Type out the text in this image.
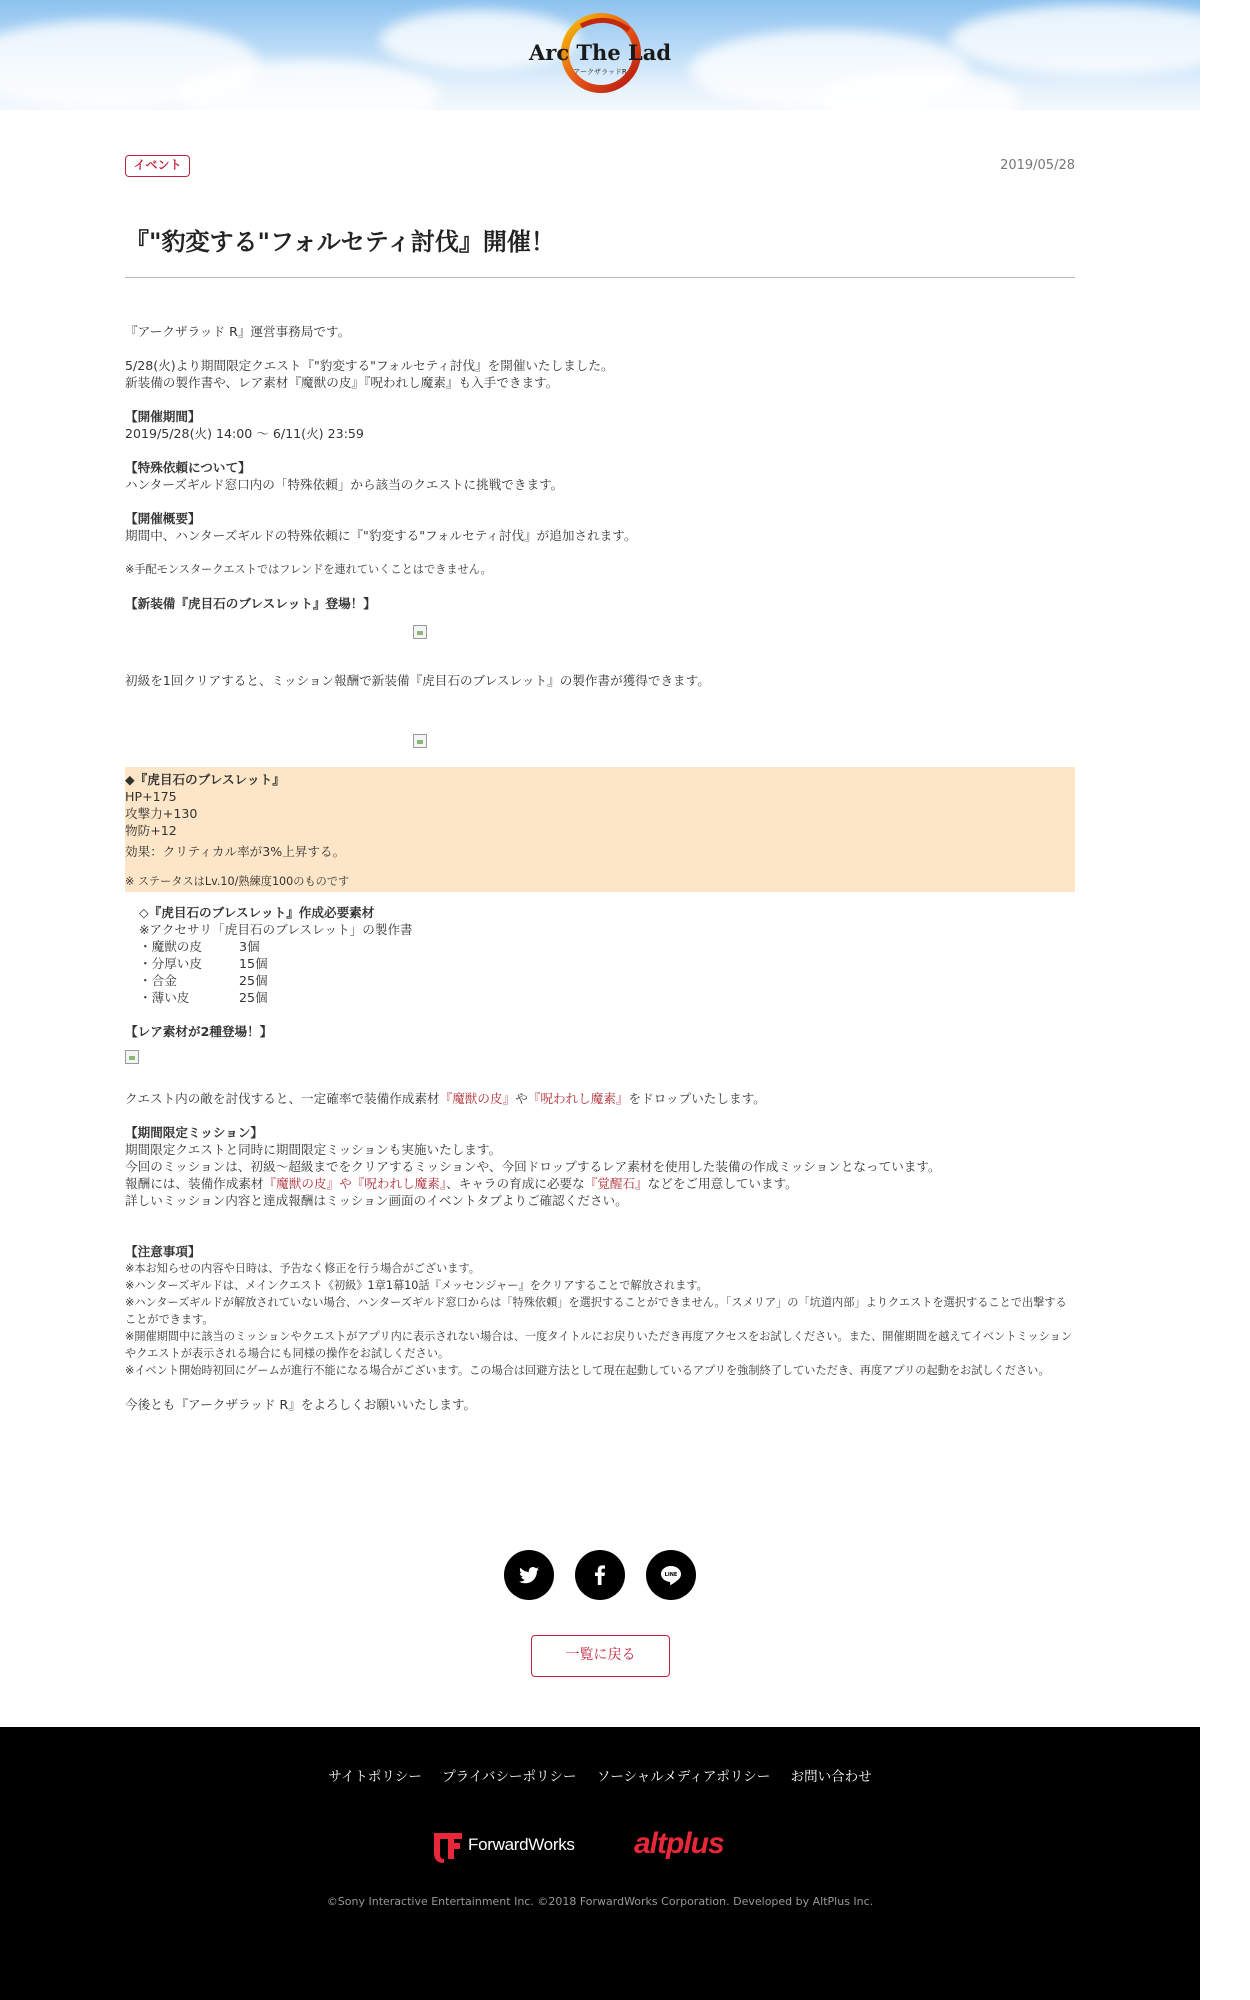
Arc The Lad
アークザラッドR
イベント	2019/05/28
『"豹変する"フォルセティ討伐』開催！
『アークザラッド R』運営事務局です。
5/28(火)より期間限定クエスト『"豹変する"フォルセティ討伐』を開催いたしました。
新装備の製作書や、レア素材『魔獣の皮』『呪われし魔素』も入手できます。
【開催期間】
2019/5/28(火) 14:00 〜 6/11(火) 23:59
【特殊依頼について】
ハンターズギルド窓口内の「特殊依頼」から該当のクエストに挑戦できます。
【開催概要】
期間中、ハンターズギルドの特殊依頼に『"豹変する"フォルセティ討伐』が追加されます。
※手配モンスタークエストではフレンドを連れていくことはできません。
【新装備『虎目石のブレスレット』登場！】
初級を1回クリアすると、ミッション報酬で新装備『虎目石のブレスレット』の製作書が獲得できます。
◆『虎目石のブレスレット』
HP+175
攻撃力+130
物防+12
効果：クリティカル率が3%上昇する。
※ ステータスはLv.10/熟練度100のものです
◇『虎目石のブレスレット』作成必要素材
※アクセサリ「虎目石のブレスレット」の製作書
・魔獣の皮	3個
・分厚い皮	15個
・合金	25個
・薄い皮	25個
【レア素材が2種登場！】
クエスト内の敵を討伐すると、一定確率で装備作成素材『魔獣の皮』や『呪われし魔素』をドロップいたします。
【期間限定ミッション】
期間限定クエストと同時に期間限定ミッションも実施いたします。
今回のミッションは、初級〜超級までをクリアするミッションや、今回ドロップするレア素材を使用した装備の作成ミッションとなっています。
報酬には、装備作成素材『魔獣の皮』や『呪われし魔素』、キャラの育成に必要な『覚醒石』などをご用意しています。
詳しいミッション内容と達成報酬はミッション画面のイベントタブよりご確認ください。
【注意事項】
※本お知らせの内容や日時は、予告なく修正を行う場合がございます。
※ハンターズギルドは、メインクエスト《初級》1章1幕10話『メッセンジャー』をクリアすることで解放されます。
※ハンターズギルドが解放されていない場合、ハンターズギルド窓口からは「特殊依頼」を選択することができません。「スメリア」の「坑道内部」よりクエストを選択することで出撃することができます。
※開催期間中に該当のミッションやクエストがアプリ内に表示されない場合は、一度タイトルにお戻りいただき再度アクセスをお試しください。また、開催期間を越えてイベントミッションやクエストが表示される場合にも同様の操作をお試しください。
※イベント開始時初回にゲームが進行不能になる場合がございます。この場合は回避方法として現在起動しているアプリを強制終了していただき、再度アプリの起動をお試しください。
今後とも『アークザラッド R』をよろしくお願いいたします。
LINE
一覧に戻る
サイトポリシー プライバシーポリシー ソーシャルメディアポリシー お問い合わせ
ForwardWorks altplus
©Sony Interactive Entertainment Inc. ©2018 ForwardWorks Corporation. Developed by AltPlus Inc.
